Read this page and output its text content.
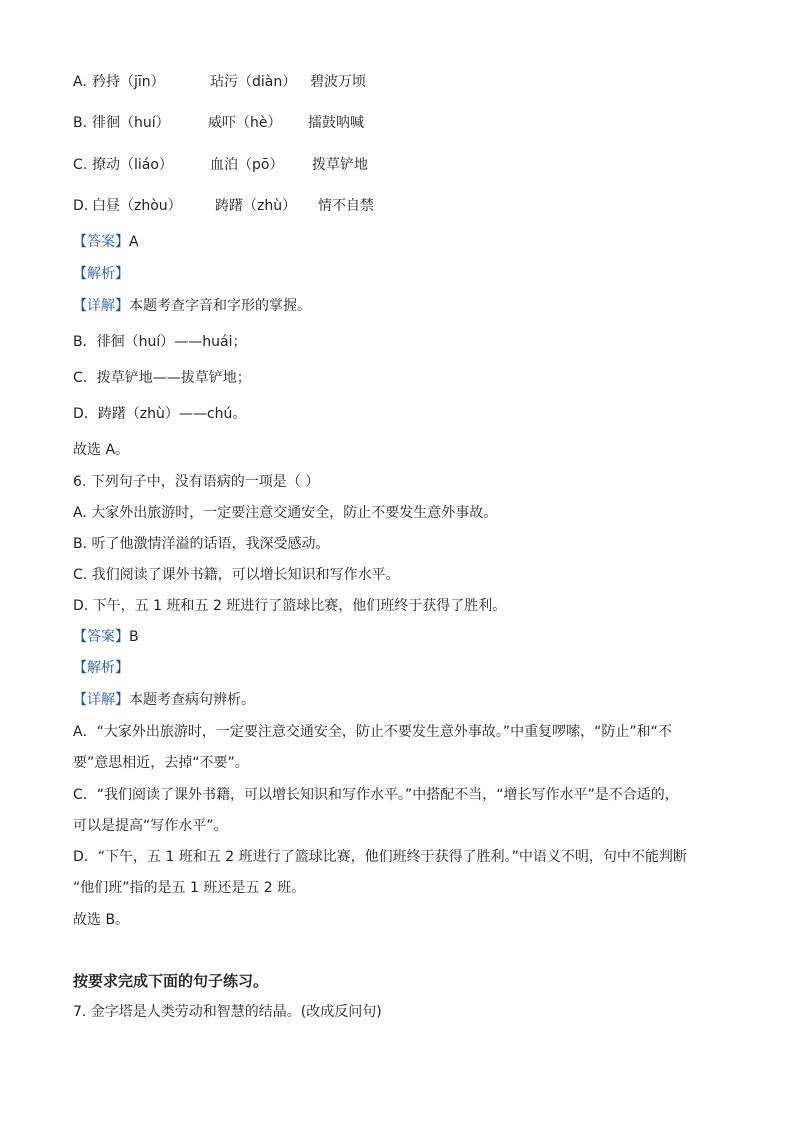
A. 矜持（jīn）	玷污（diàn） 碧波万顷
B. 徘徊（huí）	威吓（hè） 擂鼓呐喊
C. 撩动（liáo）	血泊（pō） 拨草铲地
D. 白昼（zhòu） 踌躇（zhù） 情不自禁
【答案】A
【解析】
【详解】本题考查字音和字形的掌握。
B．徘徊（huí）——huái；
C．拨草铲地——拔草铲地；
D．踌躇（zhù）——chú。
故选 A。
6. 下列句子中，没有语病的一项是（ ）
A. 大家外出旅游时，一定要注意交通安全，防止不要发生意外事故。
B. 听了他激情洋溢的话语，我深受感动。
C. 我们阅读了课外书籍，可以增长知识和写作水平。
D. 下午，五 1 班和五 2 班进行了篮球比赛，他们班终于获得了胜利。
【答案】B
【解析】
【详解】本题考查病句辨析。
A．“大家外出旅游时，一定要注意交通安全，防止不要发生意外事故。”中重复啰嗦，“防止”和“不
要”意思相近，去掉“不要”。
C．“我们阅读了课外书籍，可以增长知识和写作水平。”中搭配不当，“增长写作水平”是不合适的，
可以是提高“写作水平”。
D．“下午，五 1 班和五 2 班进行了篮球比赛，他们班终于获得了胜利。”中语义不明，句中不能判断
“他们班”指的是五 1 班还是五 2 班。
故选 B。
按要求完成下面的句子练习。
7. 金字塔是人类劳动和智慧的结晶。(改成反问句)
